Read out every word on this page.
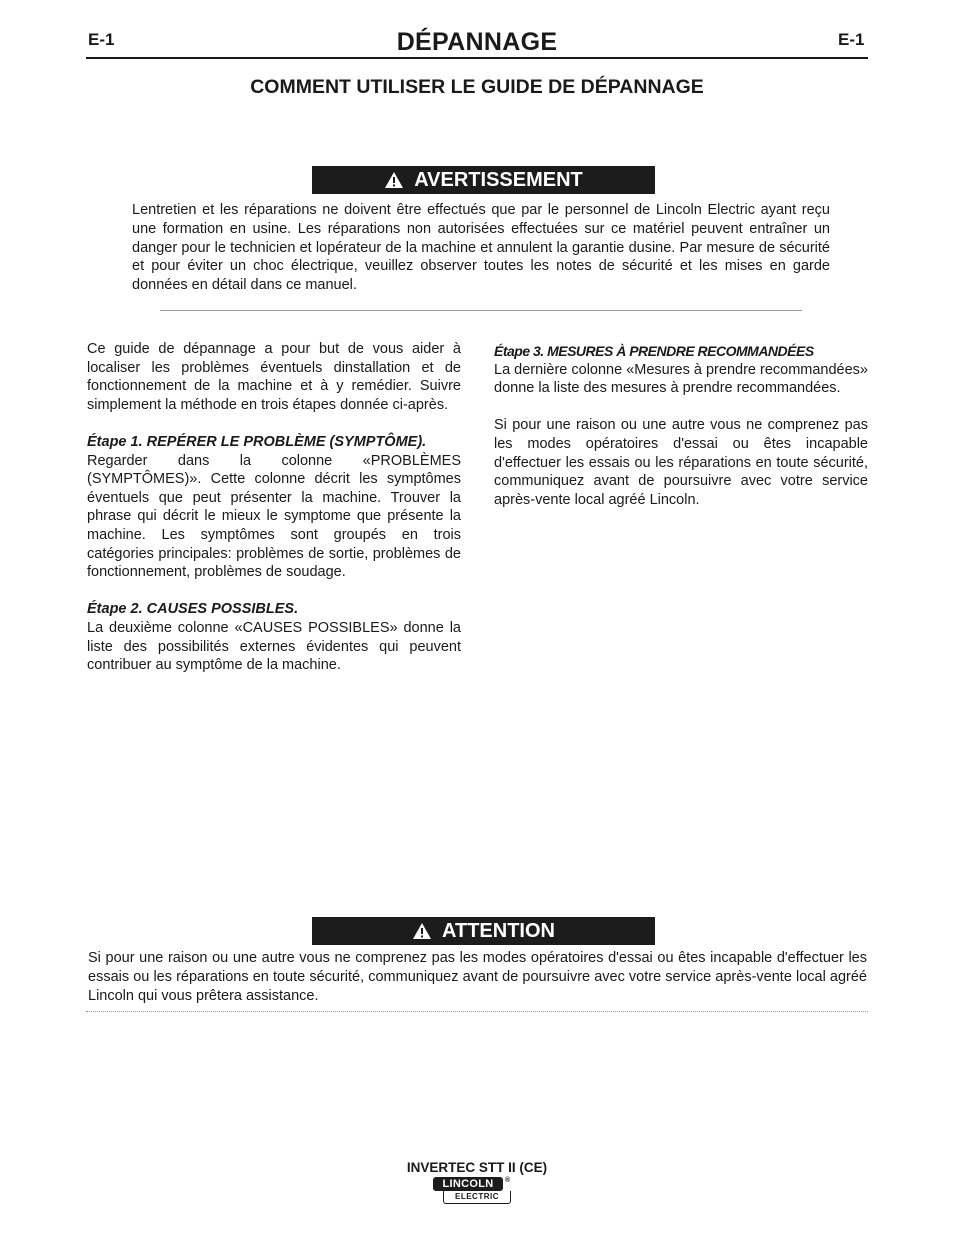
E-1	DÉPANNAGE	E-1
COMMENT UTILISER LE GUIDE DE DÉPANNAGE
AVERTISSEMENT
Lentretien et les réparations ne doivent être effectués que par le personnel de Lincoln Electric ayant reçu une formation en usine. Les réparations non autorisées effectuées sur ce matériel peuvent entraîner un danger pour le technicien et lopérateur de la machine et annulent la garantie dusine. Par mesure de sécurité et pour éviter un choc électrique, veuillez observer toutes les notes de sécurité et les mises en garde données en détail dans ce manuel.

Ce guide de dépannage a pour but de vous aider à localiser les problèmes éventuels dinstallation et de fonctionnement de la machine et à y remédier. Suivre simplement la méthode en trois étapes donnée ci-après.

Étape 1. REPÉRER LE PROBLÈME (SYMPTÔME).
Regarder dans la colonne «PROBLÈMES (SYMPTÔMES)». Cette colonne décrit les symptômes éventuels que peut présenter la machine. Trouver la phrase qui décrit le mieux le symptome que présente la machine. Les symptômes sont groupés en trois catégories principales: problèmes de sortie, problèmes de fonctionnement, problèmes de soudage.

Étape 2. CAUSES POSSIBLES.
La deuxième colonne «CAUSES POSSIBLES» donne la liste des possibilités externes évidentes qui peuvent contribuer au symptôme de la machine.

Étape 3. MESURES À PRENDRE RECOMMANDÉES
La dernière colonne «Mesures à prendre recommandées» donne la liste des mesures à prendre recommandées.

Si pour une raison ou une autre vous ne comprenez pas les modes opératoires d'essai ou êtes incapable d'effectuer les essais ou les réparations en toute sécurité, communiquez avant de poursuivre avec votre service après-vente local agréé Lincoln.

ATTENTION
Si pour une raison ou une autre vous ne comprenez pas les modes opératoires d'essai ou êtes incapable d'effectuer les essais ou les réparations en toute sécurité, communiquez avant de poursuivre avec votre service après-vente local agréé Lincoln qui vous prêtera assistance.
INVERTEC STT II (CE)
LINCOLN	®
ELECTRIC
